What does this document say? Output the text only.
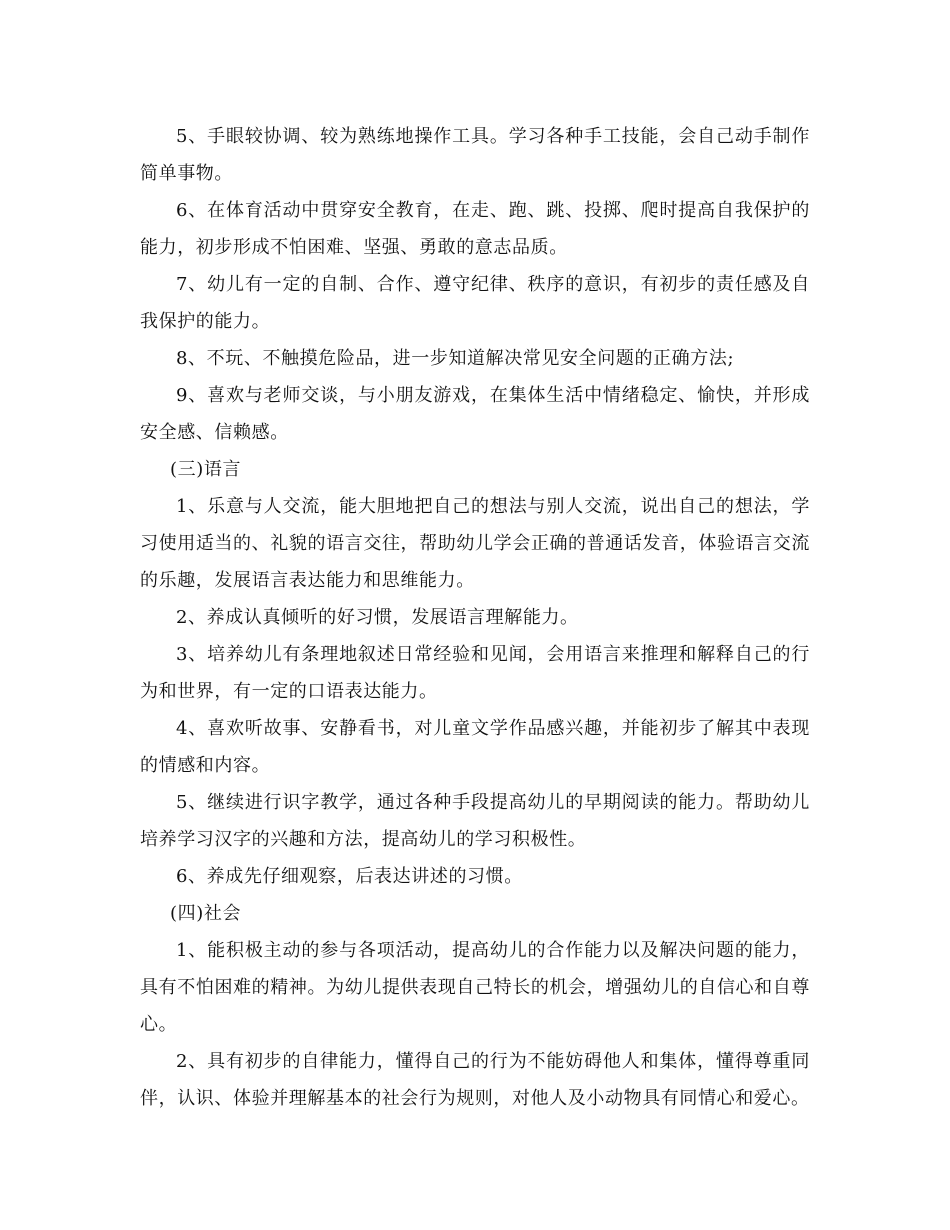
5、手眼较协调、较为熟练地操作工具。学习各种手工技能，会自己动手制作简单事物。

6、在体育活动中贯穿安全教育，在走、跑、跳、投掷、爬时提高自我保护的能力，初步形成不怕困难、坚强、勇敢的意志品质。

7、幼儿有一定的自制、合作、遵守纪律、秩序的意识，有初步的责任感及自我保护的能力。

8、不玩、不触摸危险品，进一步知道解决常见安全问题的正确方法;

9、喜欢与老师交谈，与小朋友游戏，在集体生活中情绪稳定、愉快，并形成安全感、信赖感。

(三)语言

1、乐意与人交流，能大胆地把自己的想法与别人交流，说出自己的想法，学习使用适当的、礼貌的语言交往，帮助幼儿学会正确的普通话发音，体验语言交流的乐趣，发展语言表达能力和思维能力。

2、养成认真倾听的好习惯，发展语言理解能力。

3、培养幼儿有条理地叙述日常经验和见闻，会用语言来推理和解释自己的行为和世界，有一定的口语表达能力。

4、喜欢听故事、安静看书，对儿童文学作品感兴趣，并能初步了解其中表现的情感和内容。

5、继续进行识字教学，通过各种手段提高幼儿的早期阅读的能力。帮助幼儿培养学习汉字的兴趣和方法，提高幼儿的学习积极性。

6、养成先仔细观察，后表达讲述的习惯。

(四)社会

1、能积极主动的参与各项活动，提高幼儿的合作能力以及解决问题的能力，具有不怕困难的精神。为幼儿提供表现自己特长的机会，增强幼儿的自信心和自尊心。

2、具有初步的自律能力，懂得自己的行为不能妨碍他人和集体，懂得尊重同伴，认识、体验并理解基本的社会行为规则，对他人及小动物具有同情心和爱心。
